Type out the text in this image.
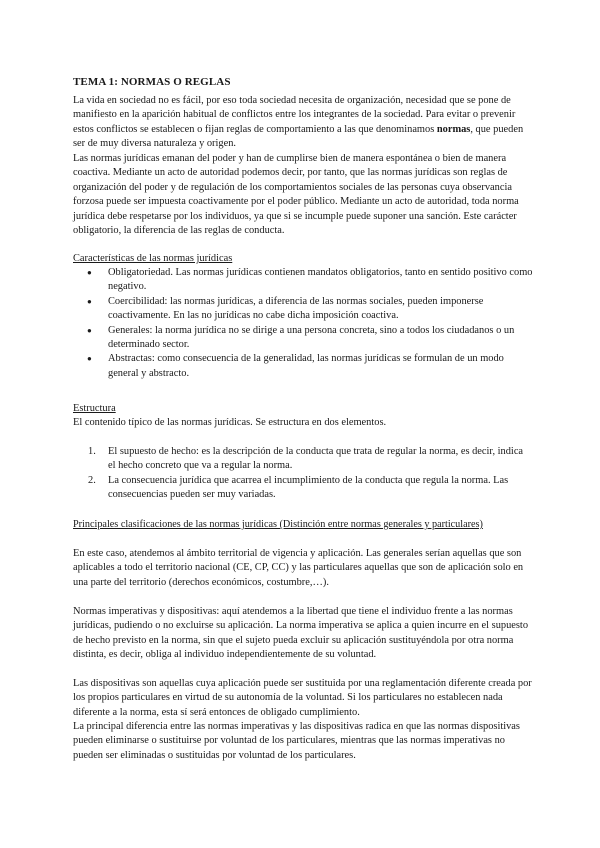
TEMA 1: NORMAS O REGLAS
La vida en sociedad no es fácil, por eso toda sociedad necesita de organización, necesidad que se pone de manifiesto en la aparición habitual de conflictos entre los integrantes de la sociedad. Para evitar o prevenir estos conflictos se establecen o fijan reglas de comportamiento a las que denominamos normas, que pueden ser de muy diversa naturaleza y origen.
Las normas jurídicas emanan del poder y han de cumplirse bien de manera espontánea o bien de manera coactiva. Mediante un acto de autoridad podemos decir, por tanto, que las normas jurídicas son reglas de organización del poder y de regulación de los comportamientos sociales de las personas cuya observancia forzosa puede ser impuesta coactivamente por el poder público. Mediante un acto de autoridad, toda norma jurídica debe respetarse por los individuos, ya que si se incumple puede suponer una sanción. Este carácter obligatorio, la diferencia de las reglas de conducta.
Características de las normas jurídicas
● Obligatoriedad. Las normas jurídicas contienen mandatos obligatorios, tanto en sentido positivo como negativo.
● Coercibilidad: las normas jurídicas, a diferencia de las normas sociales, pueden imponerse coactivamente. En las no jurídicas no cabe dicha imposición coactiva.
● Generales: la norma jurídica no se dirige a una persona concreta, sino a todos los ciudadanos o un determinado sector.
● Abstractas: como consecuencia de la generalidad, las normas jurídicas se formulan de un modo general y abstracto.
Estructura
El contenido típico de las normas jurídicas. Se estructura en dos elementos.
1. El supuesto de hecho: es la descripción de la conducta que trata de regular la norma, es decir, indica el hecho concreto que va a regular la norma.
2. La consecuencia jurídica que acarrea el incumplimiento de la conducta que regula la norma. Las consecuencias pueden ser muy variadas.
Principales clasificaciones de las normas jurídicas (Distinción entre normas generales y particulares)
En este caso, atendemos al ámbito territorial de vigencia y aplicación. Las generales serían aquellas que son aplicables a todo el territorio nacional (CE, CP, CC) y las particulares aquellas que son de aplicación solo en una parte del territorio (derechos económicos, costumbre,…).
Normas imperativas y dispositivas: aquí atendemos a la libertad que tiene el individuo frente a las normas jurídicas, pudiendo o no excluirse su aplicación. La norma imperativa se aplica a quien incurre en el supuesto de hecho previsto en la norma, sin que el sujeto pueda excluir su aplicación sustituyéndola por otra norma distinta, es decir, obliga al individuo independientemente de su voluntad.
Las dispositivas son aquellas cuya aplicación puede ser sustituida por una reglamentación diferente creada por los propios particulares en virtud de su autonomía de la voluntad. Si los particulares no establecen nada diferente a la norma, esta sí será entonces de obligado cumplimiento.
La principal diferencia entre las normas imperativas y las dispositivas radica en que las normas dispositivas pueden eliminarse o sustituirse por voluntad de los particulares, mientras que las normas imperativas no pueden ser eliminadas o sustituidas por voluntad de los particulares.
